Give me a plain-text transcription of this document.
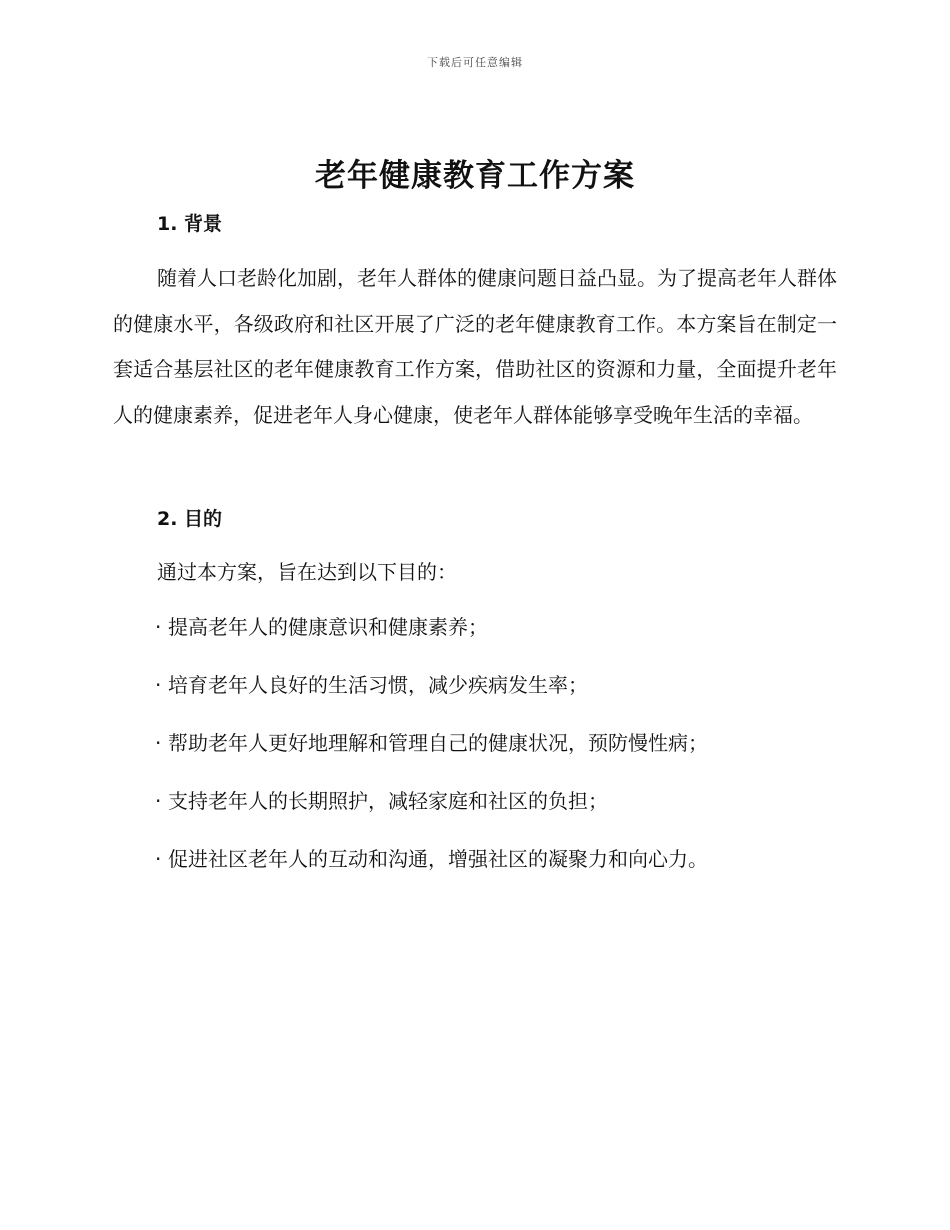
下载后可任意编辑
老年健康教育工作方案
1. 背景

随着人口老龄化加剧，老年人群体的健康问题日益凸显。为了提高老年人群体的健康水平，各级政府和社区开展了广泛的老年健康教育工作。本方案旨在制定一套适合基层社区的老年健康教育工作方案，借助社区的资源和力量，全面提升老年人的健康素养，促进老年人身心健康，使老年人群体能够享受晚年生活的幸福。

2. 目的
通过本方案，旨在达到以下目的：
· 提高老年人的健康意识和健康素养；
· 培育老年人良好的生活习惯，减少疾病发生率；
· 帮助老年人更好地理解和管理自己的健康状况，预防慢性病；
· 支持老年人的长期照护，减轻家庭和社区的负担；
· 促进社区老年人的互动和沟通，增强社区的凝聚力和向心力。
